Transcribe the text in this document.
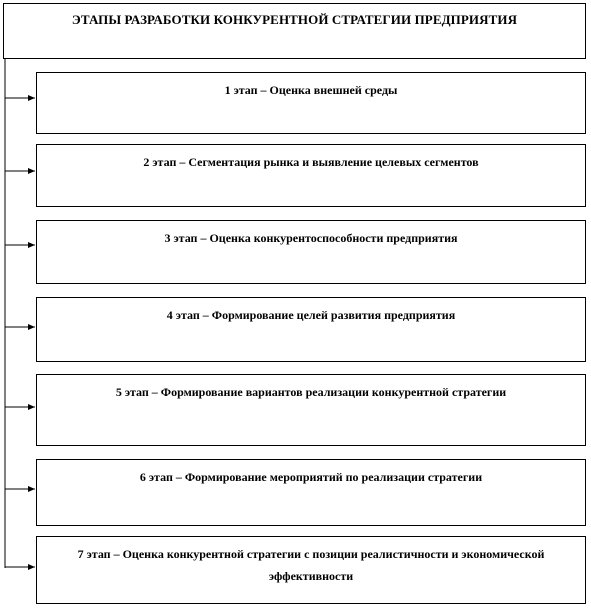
ЭТАПЫ РАЗРАБОТКИ КОНКУРЕНТНОЙ СТРАТЕГИИ ПРЕДПРИЯТИЯ
1 этап – Оценка внешней среды
2 этап – Сегментация рынка и выявление целевых сегментов
3 этап – Оценка конкурентоспособности предприятия
4 этап – Формирование целей развития предприятия
5 этап – Формирование вариантов реализации конкурентной стратегии
6 этап – Формирование мероприятий по реализации стратегии
7 этап – Оценка конкурентной стратегии с позиции реалистичности и экономической эффективности
